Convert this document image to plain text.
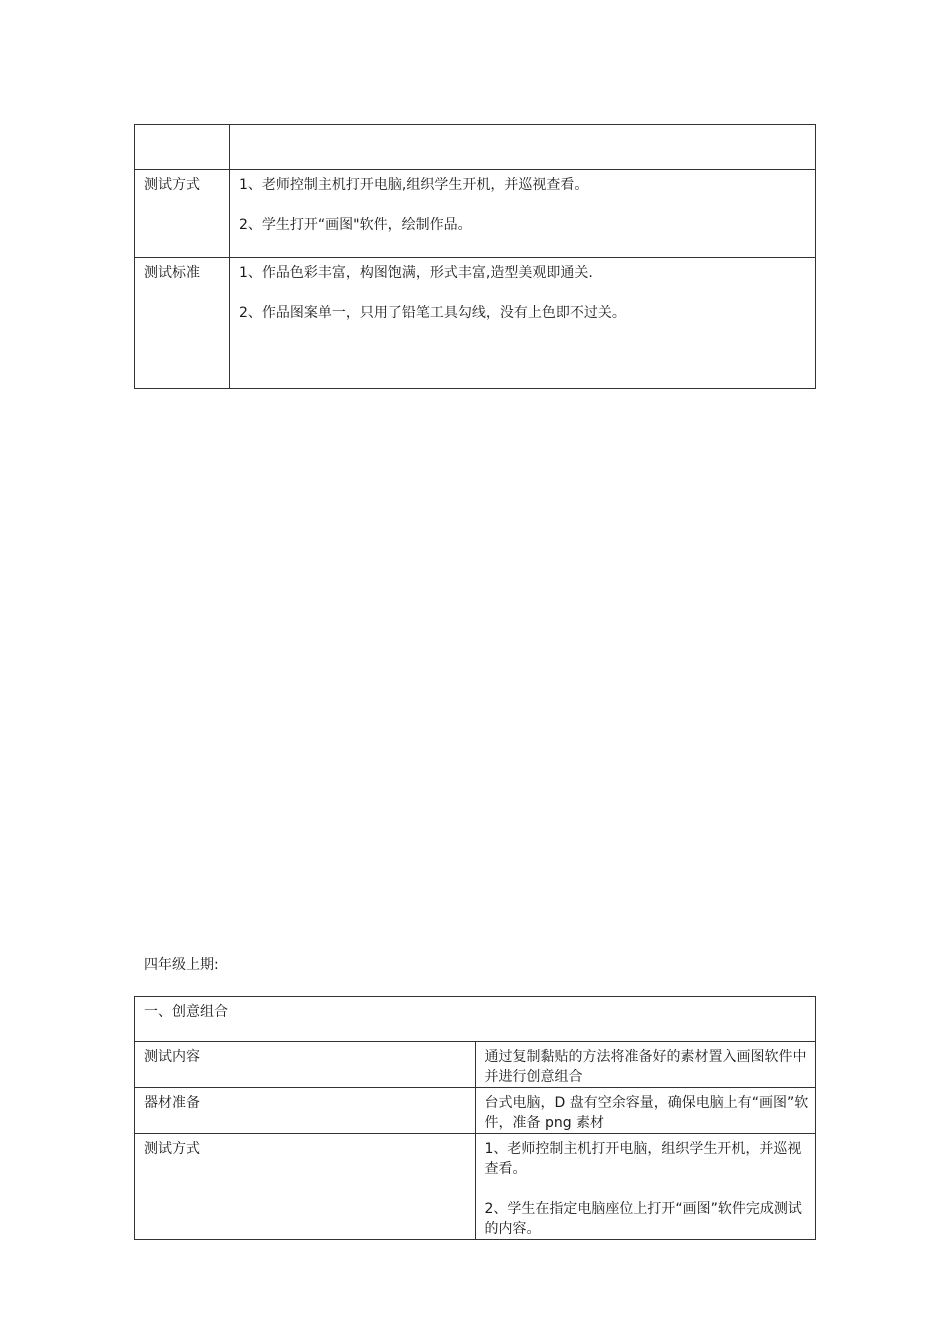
测试方式	1、老师控制主机打开电脑,组织学生开机，并巡视查看。

2、学生打开“画图"软件，绘制作品。

测试标准	1、作品色彩丰富，构图饱满，形式丰富,造型美观即通关.

2、作品图案单一，只用了铅笔工具勾线，没有上色即不过关。

四年级上期:

一、创意组合	

测试内容	通过复制黏贴的方法将准备好的素材置入画图软件中并进行创意组合

器材准备	台式电脑，D 盘有空余容量，确保电脑上有“画图”软件，准备 png 素材

测试方式	1、老师控制主机打开电脑，组织学生开机，并巡视查看。

2、学生在指定电脑座位上打开“画图”软件完成测试的内容。
